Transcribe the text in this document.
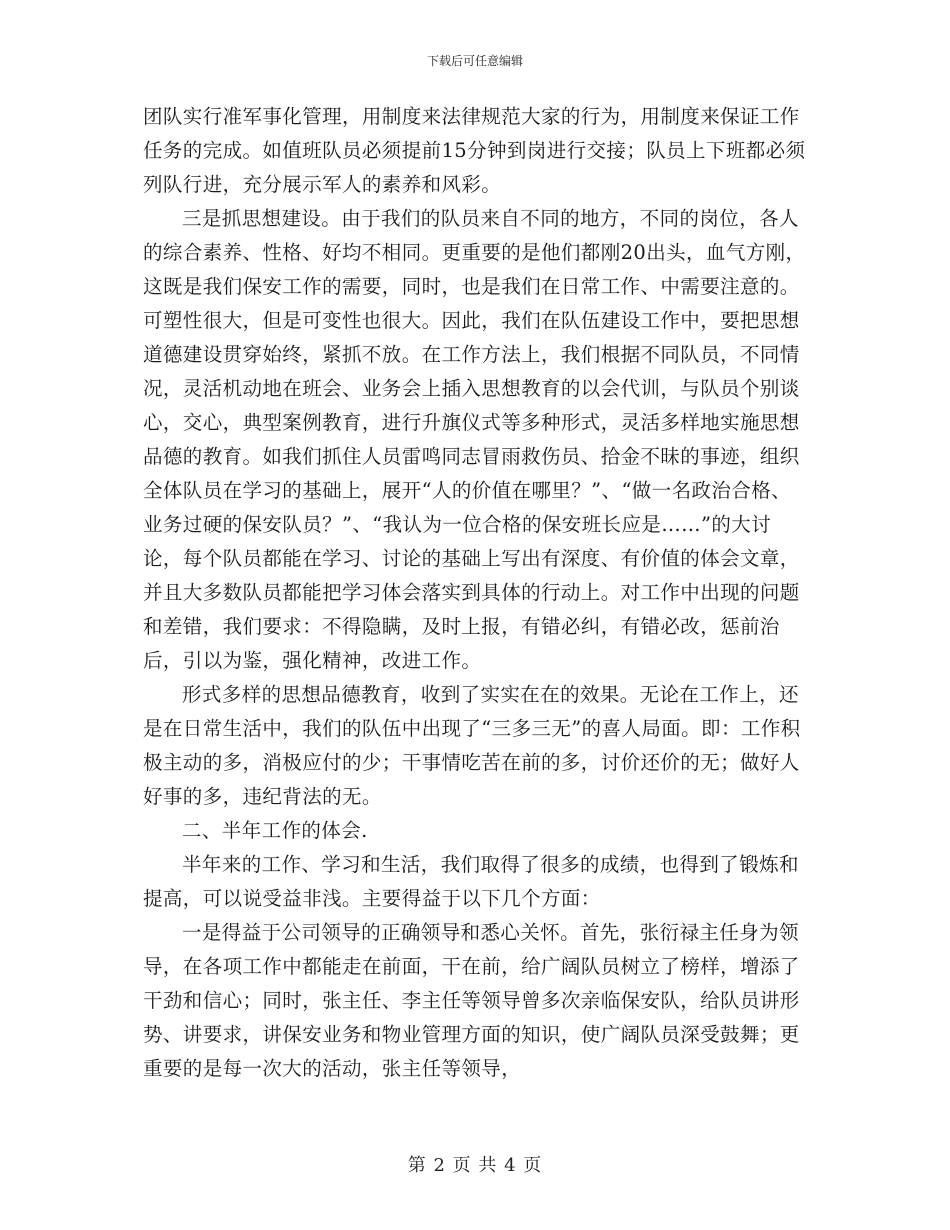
下载后可任意编辑

团队实行准军事化管理，用制度来法律规范大家的行为，用制度来保证工作任务的完成。如值班队员必须提前15分钟到岗进行交接；队员上下班都必须列队行进，充分展示军人的素养和风彩。

三是抓思想建设。由于我们的队员来自不同的地方，不同的岗位，各人的综合素养、性格、好均不相同。更重要的是他们都刚20出头，血气方刚，这既是我们保安工作的需要，同时，也是我们在日常工作、中需要注意的。可塑性很大，但是可变性也很大。因此，我们在队伍建设工作中，要把思想道德建设贯穿始终，紧抓不放。在工作方法上，我们根据不同队员，不同情况，灵活机动地在班会、业务会上插入思想教育的以会代训，与队员个别谈心，交心，典型案例教育，进行升旗仪式等多种形式，灵活多样地实施思想品德的教育。如我们抓住人员雷鸣同志冒雨救伤员、拾金不昧的事迹，组织全体队员在学习的基础上，展开“人的价值在哪里？”、“做一名政治合格、业务过硬的保安队员？”、“我认为一位合格的保安班长应是……”的大讨论，每个队员都能在学习、讨论的基础上写出有深度、有价值的体会文章，并且大多数队员都能把学习体会落实到具体的行动上。对工作中出现的问题和差错，我们要求：不得隐瞒，及时上报，有错必纠，有错必改，惩前治后，引以为鉴，强化精神，改进工作。

形式多样的思想品德教育，收到了实实在在的效果。无论在工作上，还是在日常生活中，我们的队伍中出现了“三多三无”的喜人局面。即：工作积极主动的多，消极应付的少；干事情吃苦在前的多，讨价还价的无；做好人好事的多，违纪背法的无。

二、半年工作的体会.

半年来的工作、学习和生活，我们取得了很多的成绩，也得到了锻炼和提高，可以说受益非浅。主要得益于以下几个方面：

一是得益于公司领导的正确领导和悉心关怀。首先，张衍禄主任身为领导，在各项工作中都能走在前面，干在前，给广阔队员树立了榜样，增添了干劲和信心；同时，张主任、李主任等领导曾多次亲临保安队，给队员讲形势、讲要求，讲保安业务和物业管理方面的知识，使广阔队员深受鼓舞；更重要的是每一次大的活动，张主任等领导，

第 2 页 共 4 页
